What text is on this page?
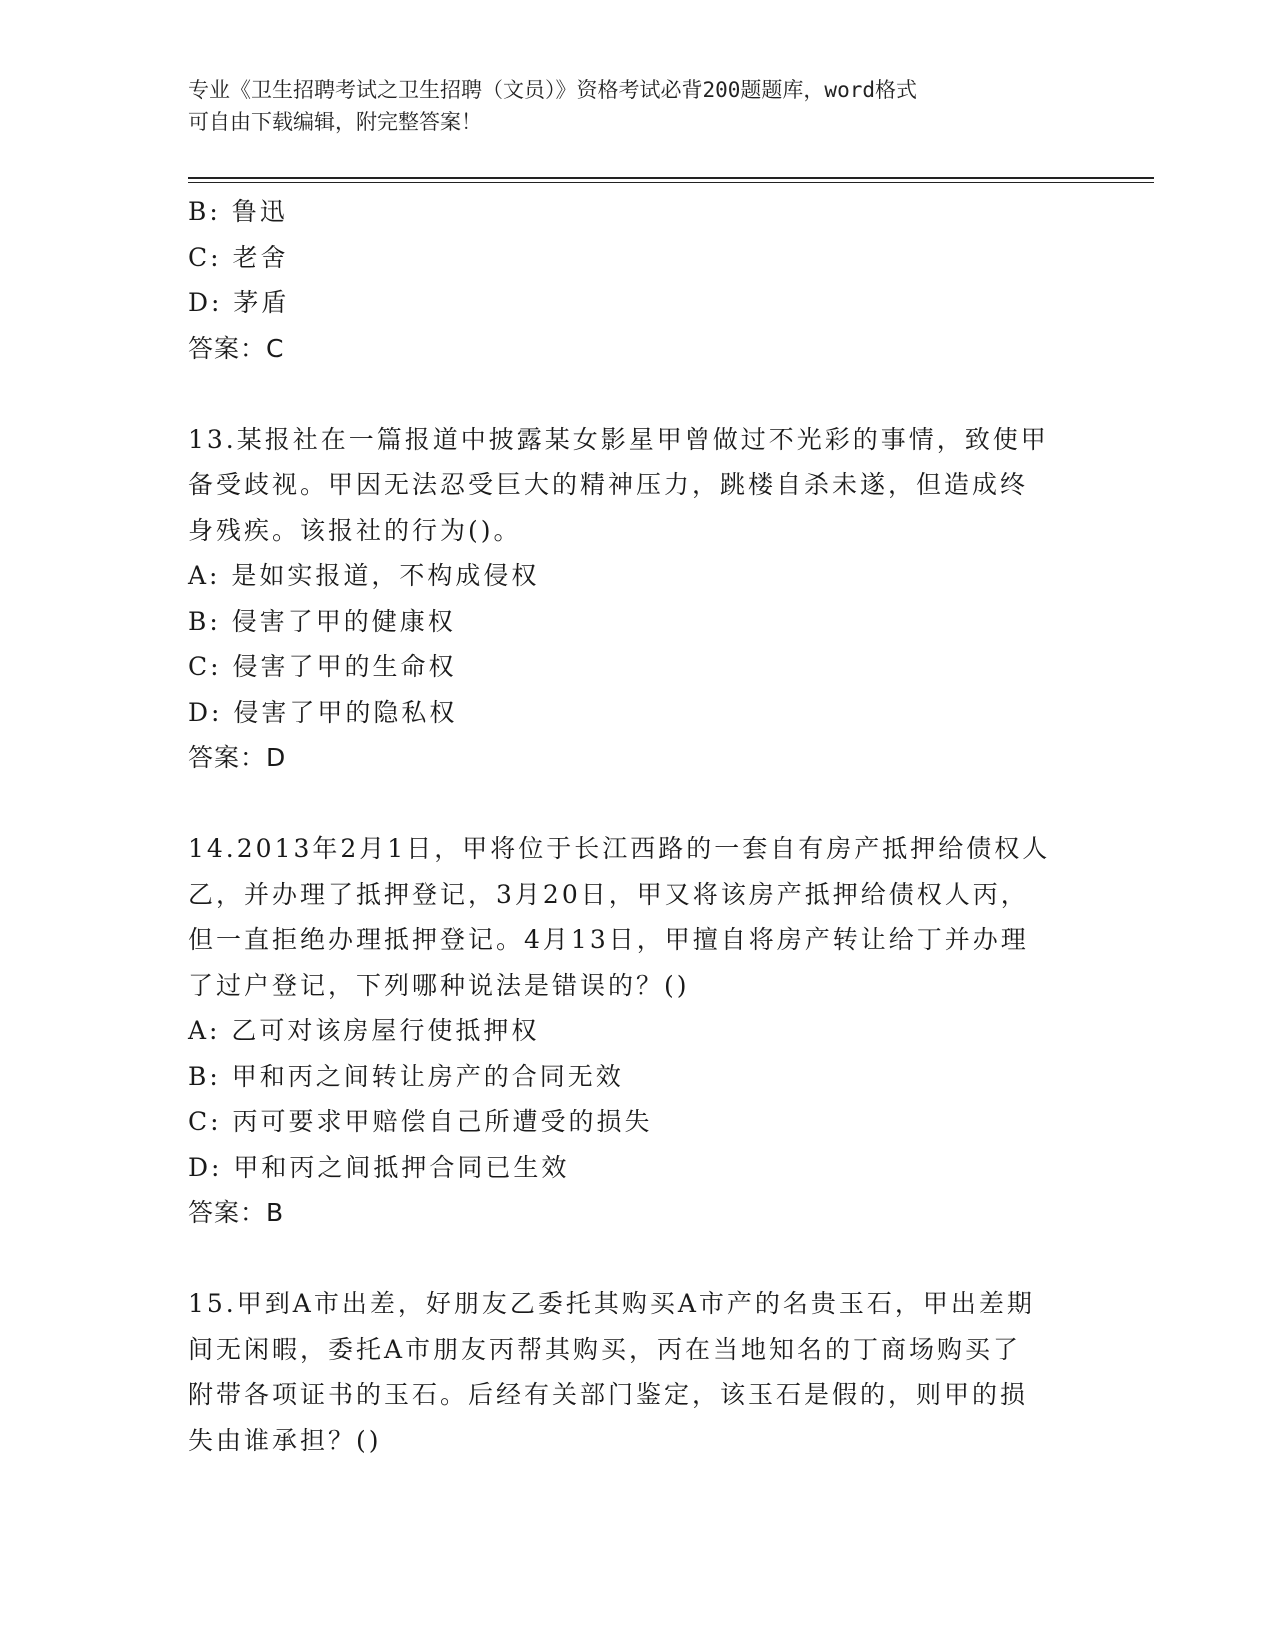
专业《卫生招聘考试之卫生招聘（文员）》资格考试必背200题题库，word格式
可自由下载编辑，附完整答案！
B: 鲁迅
C: 老舍
D: 茅盾
答案：C
13.某报社在一篇报道中披露某女影星甲曾做过不光彩的事情，致使甲
备受歧视。甲因无法忍受巨大的精神压力，跳楼自杀未遂，但造成终
身残疾。该报社的行为()。
A: 是如实报道，不构成侵权
B: 侵害了甲的健康权
C: 侵害了甲的生命权
D: 侵害了甲的隐私权
答案：D
14.2013年2月1日，甲将位于长江西路的一套自有房产抵押给债权人
乙，并办理了抵押登记，3月20日，甲又将该房产抵押给债权人丙，
但一直拒绝办理抵押登记。4月13日，甲擅自将房产转让给丁并办理
了过户登记，下列哪种说法是错误的？()
A: 乙可对该房屋行使抵押权
B: 甲和丙之间转让房产的合同无效
C: 丙可要求甲赔偿自己所遭受的损失
D: 甲和丙之间抵押合同已生效
答案：B
15.甲到A市出差，好朋友乙委托其购买A市产的名贵玉石，甲出差期
间无闲暇，委托A市朋友丙帮其购买，丙在当地知名的丁商场购买了
附带各项证书的玉石。后经有关部门鉴定，该玉石是假的，则甲的损
失由谁承担？()
